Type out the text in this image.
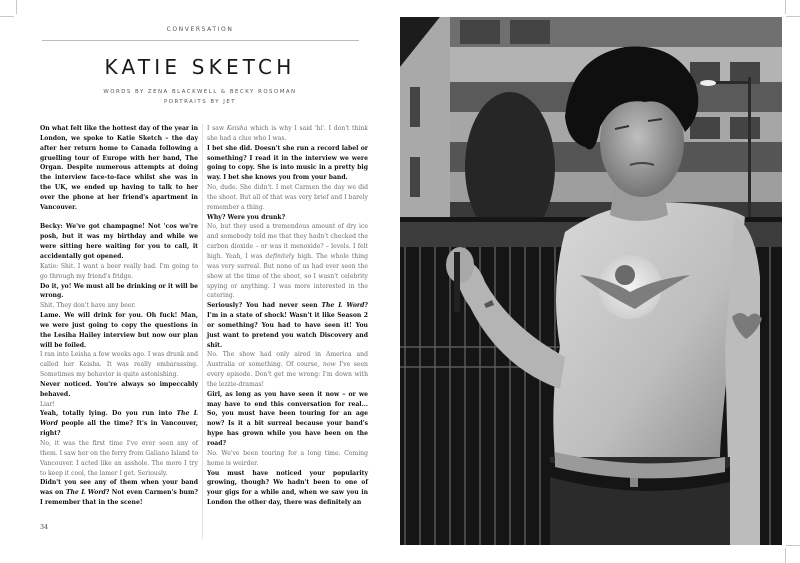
CONVERSATION
KATIE SKETCH
WORDS BY ZENA BLACKWELL & BECKY ROSOMAN
PORTRAITS BY JET

On what felt like the hottest day of the year in London, we spoke to Katie Sketch – the day after her return home to Canada following a gruelling tour of Europe with her band, The Organ. Despite numerous attempts at doing the interview face-to-face whilst she was in the UK, we ended up having to talk to her over the phone at her friend's apartment in Vancouver.

Becky: We've got champagne! Not 'cos we're posh, but it was my birthday and while we were sitting here waiting for you to call, it accidentally got opened.

Katie: Shit. I want a beer really bad. I'm going to go through my friend's fridge.

Do it, yo! We must all be drinking or it will be wrong.

Shit. They don't have any beer.

Lame. We will drink for you. Oh fuck! Man, we were just going to copy the questions in the Lesiha Hailey interview but now our plan will be foiled.

I ran into Leisha a few weeks ago. I was drunk and called her Keisha. It was really embarassing. Sometimes my behavior is quite astonishing.

Never noticed. You're always so impeccably behaved.

Liar!

Yeah, totally lying. Do you run into The L Word people all the time? It's in Vancouver, right?

No, it was the first time I've ever seen any of them. I saw her on the ferry from Galiano Island to Vancouver. I acted like an asshole. The more I try to keep it cool, the lamer I get. Seriously.

Didn't you see any of them when your band was on The L Word? Not even Carmen's bum? I remember that in the scene!

I saw Keisha which is why I said 'hi'. I don't think she had a clue who I was.

I bet she did. Doesn't she run a record label or something? I read it in the interview we were going to copy. She is into music in a pretty big way. I bet she knows you from your band.

No, dude. She didn't. I met Carmen the day we did the shoot. But all of that was very brief and I barely remember a thing.

Why? Were you drunk?

No, but they used a tremendous amount of dry ice and somebody told me that they hadn't checked the carbon dioxide – or was it menoxide? – levels. I felt high. Yeah, I was definitely high. The whole thing was very surreal. But none of us had ever seen the show at the time of the shoot, so I wasn't celebrity spying or anything. I was more interested in the catering.

Seriously? You had never seen The L Word? I'm in a state of shock! Wasn't it like Season 2 or something? You had to have seen it! You just want to pretend you watch Discovery and shit.

No. The show had only aired in America and Australia or something. Of course, now I've seen every episode. Don't get me wrong: I'm down with the lezzie-dramas!

Girl, as long as you have seen it now – or we may have to end this conversation for real... So, you must have been touring for an age now? Is it a bit surreal because your band's hype has grown while you have been on the road?

No. We've been touring for a long time. Coming home is weirder.

You must have noticed your popularity growing, though? We hadn't been to one of your gigs for a while and, when we saw you in London the other day, there was definitely an

34
